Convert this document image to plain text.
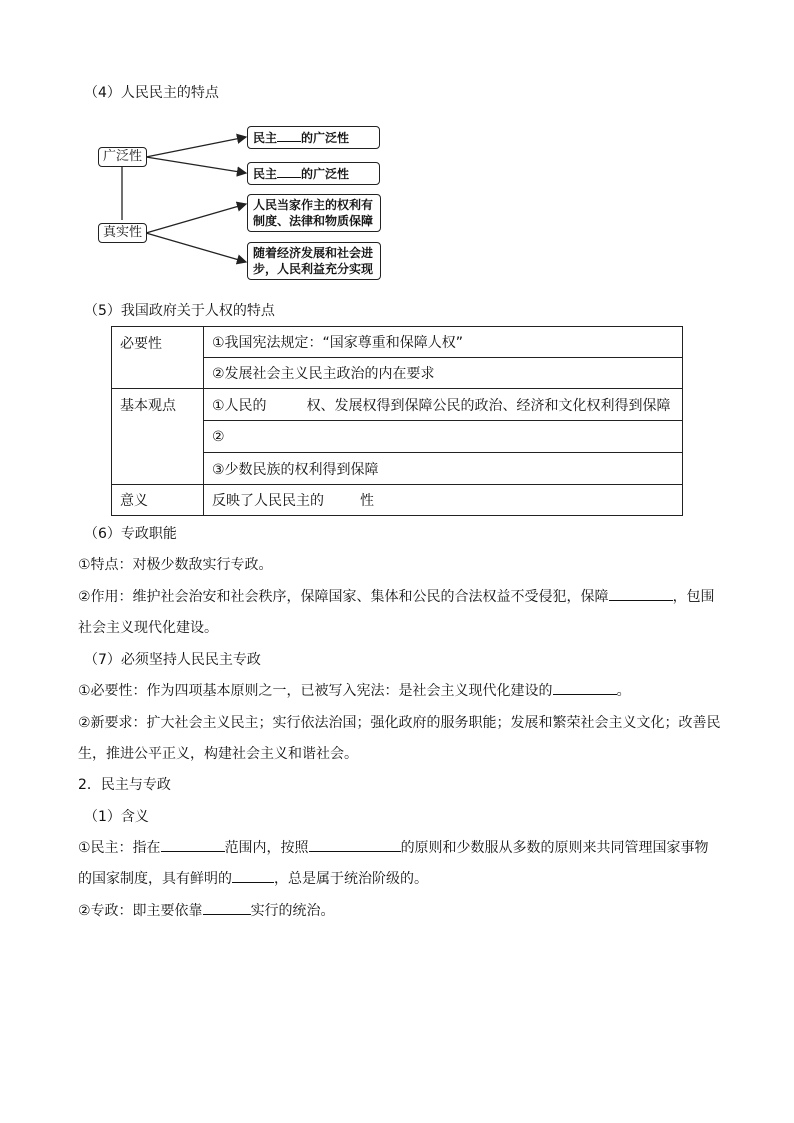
（4）人民民主的特点
广泛性
真实性
民主 的广泛性
民主 的广泛性
人民当家作主的权利有
制度、法律和物质保障
随着经济发展和社会进
步，人民利益充分实现
（5）我国政府关于人权的特点
必要性	①我国宪法规定：“国家尊重和保障人权”
	②发展社会主义民主政治的内在要求
基本观点	①人民的 权、发展权得到保障公民的政治、经济和文化权利得到保障
	②
	③少数民族的权利得到保障
意义	反映了人民民主的 性
（6）专政职能
①特点：对极少数敌实行专政。
②作用：维护社会治安和社会秩序，保障国家、集体和公民的合法权益不受侵犯，保障	，包围
社会主义现代化建设。
（7）必须坚持人民民主专政
①必要性：作为四项基本原则之一，已被写入宪法：是社会主义现代化建设的	。
②新要求：扩大社会主义民主；实行依法治国；强化政府的服务职能；发展和繁荣社会主义文化；改善民
生，推进公平正义，构建社会主义和谐社会。
2．民主与专政
（1）含义
①民主：指在	范围内，按照	的原则和少数服从多数的原则来共同管理国家事物
的国家制度，具有鲜明的	，总是属于统治阶级的。
②专政：即主要依靠	实行的统治。
